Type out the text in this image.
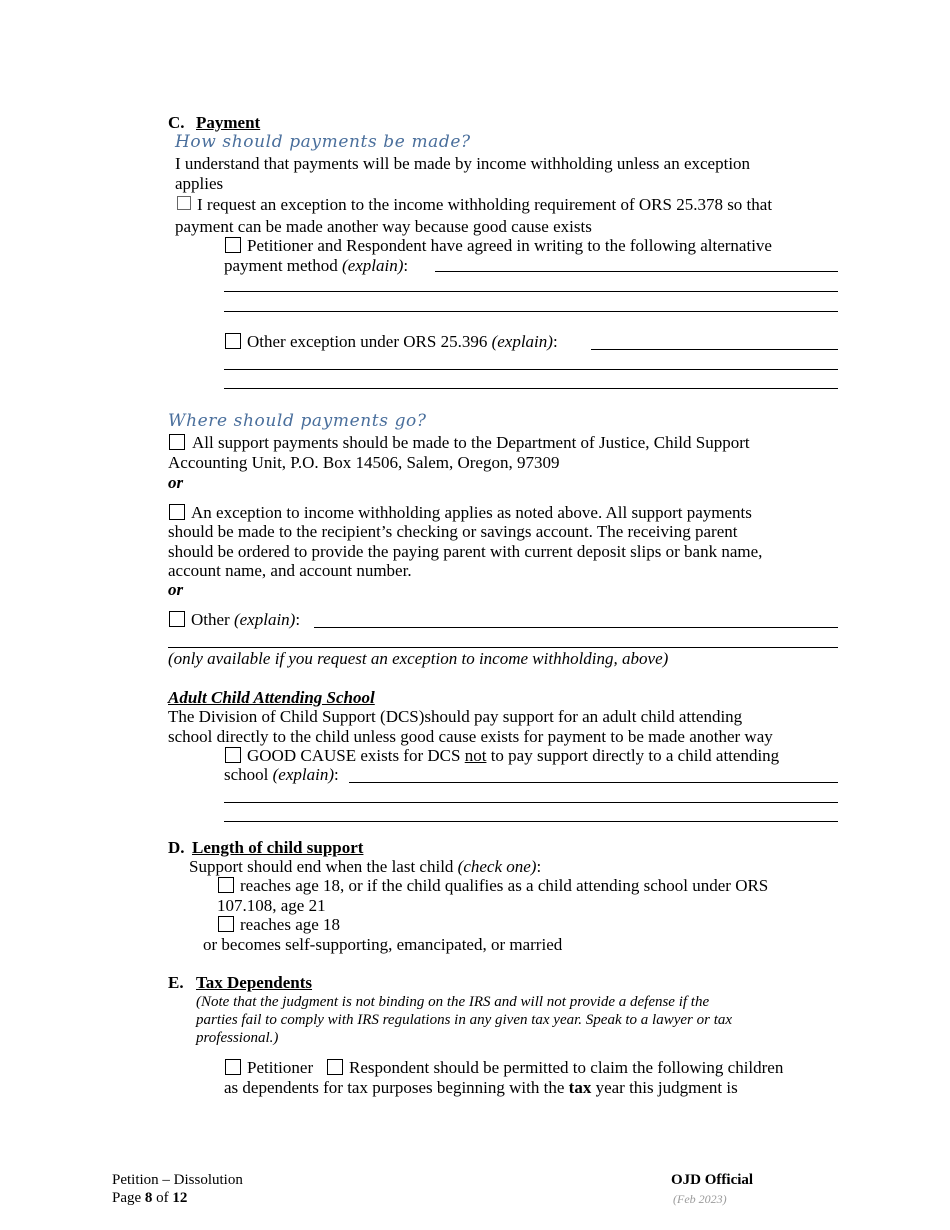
C. Payment
How should payments be made?
I understand that payments will be made by income withholding unless an exception
applies
I request an exception to the income withholding requirement of ORS 25.378 so that
payment can be made another way because good cause exists
Petitioner and Respondent have agreed in writing to the following alternative
payment method (explain):
Other exception under ORS 25.396 (explain):
Where should payments go?
All support payments should be made to the Department of Justice, Child Support
Accounting Unit, P.O. Box 14506, Salem, Oregon, 97309
or
An exception to income withholding applies as noted above. All support payments
should be made to the recipient’s checking or savings account. The receiving parent
should be ordered to provide the paying parent with current deposit slips or bank name,
account name, and account number.
or
Other (explain):
(only available if you request an exception to income withholding, above)
Adult Child Attending School
The Division of Child Support (DCS)should pay support for an adult child attending
school directly to the child unless good cause exists for payment to be made another way
GOOD CAUSE exists for DCS not to pay support directly to a child attending
school (explain):
D. Length of child support
Support should end when the last child (check one):
reaches age 18, or if the child qualifies as a child attending school under ORS
107.108, age 21
reaches age 18
or becomes self-supporting, emancipated, or married
E. Tax Dependents
(Note that the judgment is not binding on the IRS and will not provide a defense if the
parties fail to comply with IRS regulations in any given tax year. Speak to a lawyer or tax
professional.)
Petitioner Respondent should be permitted to claim the following children
as dependents for tax purposes beginning with the tax year this judgment is
Petition – Dissolution
Page 8 of 12
OJD Official
(Feb 2023)
